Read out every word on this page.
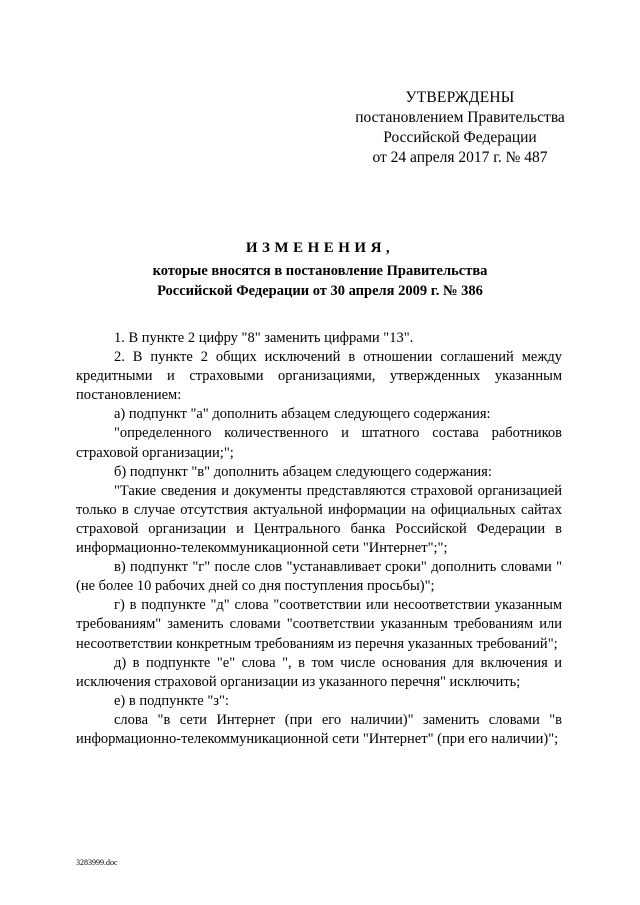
УТВЕРЖДЕНЫ
постановлением Правительства
Российской Федерации
от 24 апреля 2017 г. № 487
ИЗМЕНЕНИЯ,
которые вносятся в постановление Правительства
Российской Федерации от 30 апреля 2009 г. № 386

1. В пункте 2 цифру "8" заменить цифрами "13".

2. В пункте 2 общих исключений в отношении соглашений между кредитными и страховыми организациями, утвержденных указанным постановлением:

а) подпункт "а" дополнить абзацем следующего содержания:

"определенного количественного и штатного состава работников страховой организации;";

б) подпункт "в" дополнить абзацем следующего содержания:

"Такие сведения и документы представляются страховой организацией только в случае отсутствия актуальной информации на официальных сайтах страховой организации и Центрального банка Российской Федерации в информационно-телекоммуникационной сети "Интернет";";

в) подпункт "г" после слов "устанавливает сроки" дополнить словами "(не более 10 рабочих дней со дня поступления просьбы)";

г) в подпункте "д" слова "соответствии или несоответствии указанным требованиям" заменить словами "соответствии указанным требованиям или несоответствии конкретным требованиям из перечня указанных требований";

д) в подпункте "е" слова ", в том числе основания для включения и исключения страховой организации из указанного перечня" исключить;

е) в подпункте "з":

слова "в сети Интернет (при его наличии)" заменить словами "в информационно-телекоммуникационной сети "Интернет" (при его наличии)";

3283999.doc
